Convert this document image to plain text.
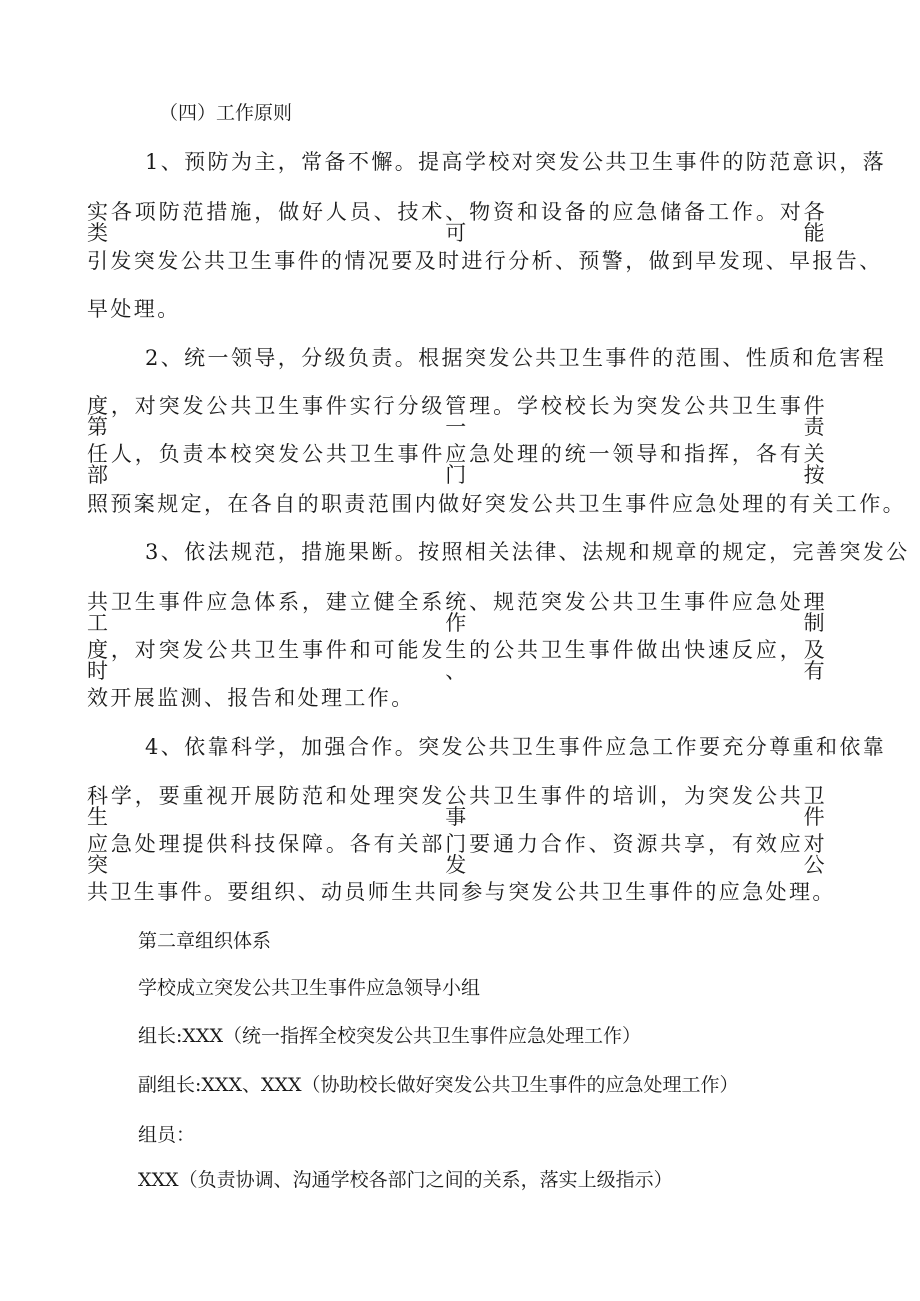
（四）工作原则
1、预防为主，常备不懈。提高学校对突发公共卫生事件的防范意识，落
实各项防范措施，做好人员、技术、物资和设备的应急储备工作。对各类可能
引发突发公共卫生事件的情况要及时进行分析、预警，做到早发现、早报告、
早处理。
2、统一领导，分级负责。根据突发公共卫生事件的范围、性质和危害程
度，对突发公共卫生事件实行分级管理。学校校长为突发公共卫生事件第一责
任人，负责本校突发公共卫生事件应急处理的统一领导和指挥，各有关部门按
照预案规定，在各自的职责范围内做好突发公共卫生事件应急处理的有关工作。
3、依法规范，措施果断。按照相关法律、法规和规章的规定，完善突发公
共卫生事件应急体系，建立健全系统、规范突发公共卫生事件应急处理工作制
度，对突发公共卫生事件和可能发生的公共卫生事件做出快速反应，及时、有
效开展监测、报告和处理工作。
4、依靠科学，加强合作。突发公共卫生事件应急工作要充分尊重和依靠
科学，要重视开展防范和处理突发公共卫生事件的培训，为突发公共卫生事件
应急处理提供科技保障。各有关部门要通力合作、资源共享，有效应对突发公
共卫生事件。要组织、动员师生共同参与突发公共卫生事件的应急处理。
第二章组织体系
学校成立突发公共卫生事件应急领导小组
组长:XXX（统一指挥全校突发公共卫生事件应急处理工作）
副组长:XXX、XXX（协助校长做好突发公共卫生事件的应急处理工作）
组员：
XXX（负责协调、沟通学校各部门之间的关系，落实上级指示）
